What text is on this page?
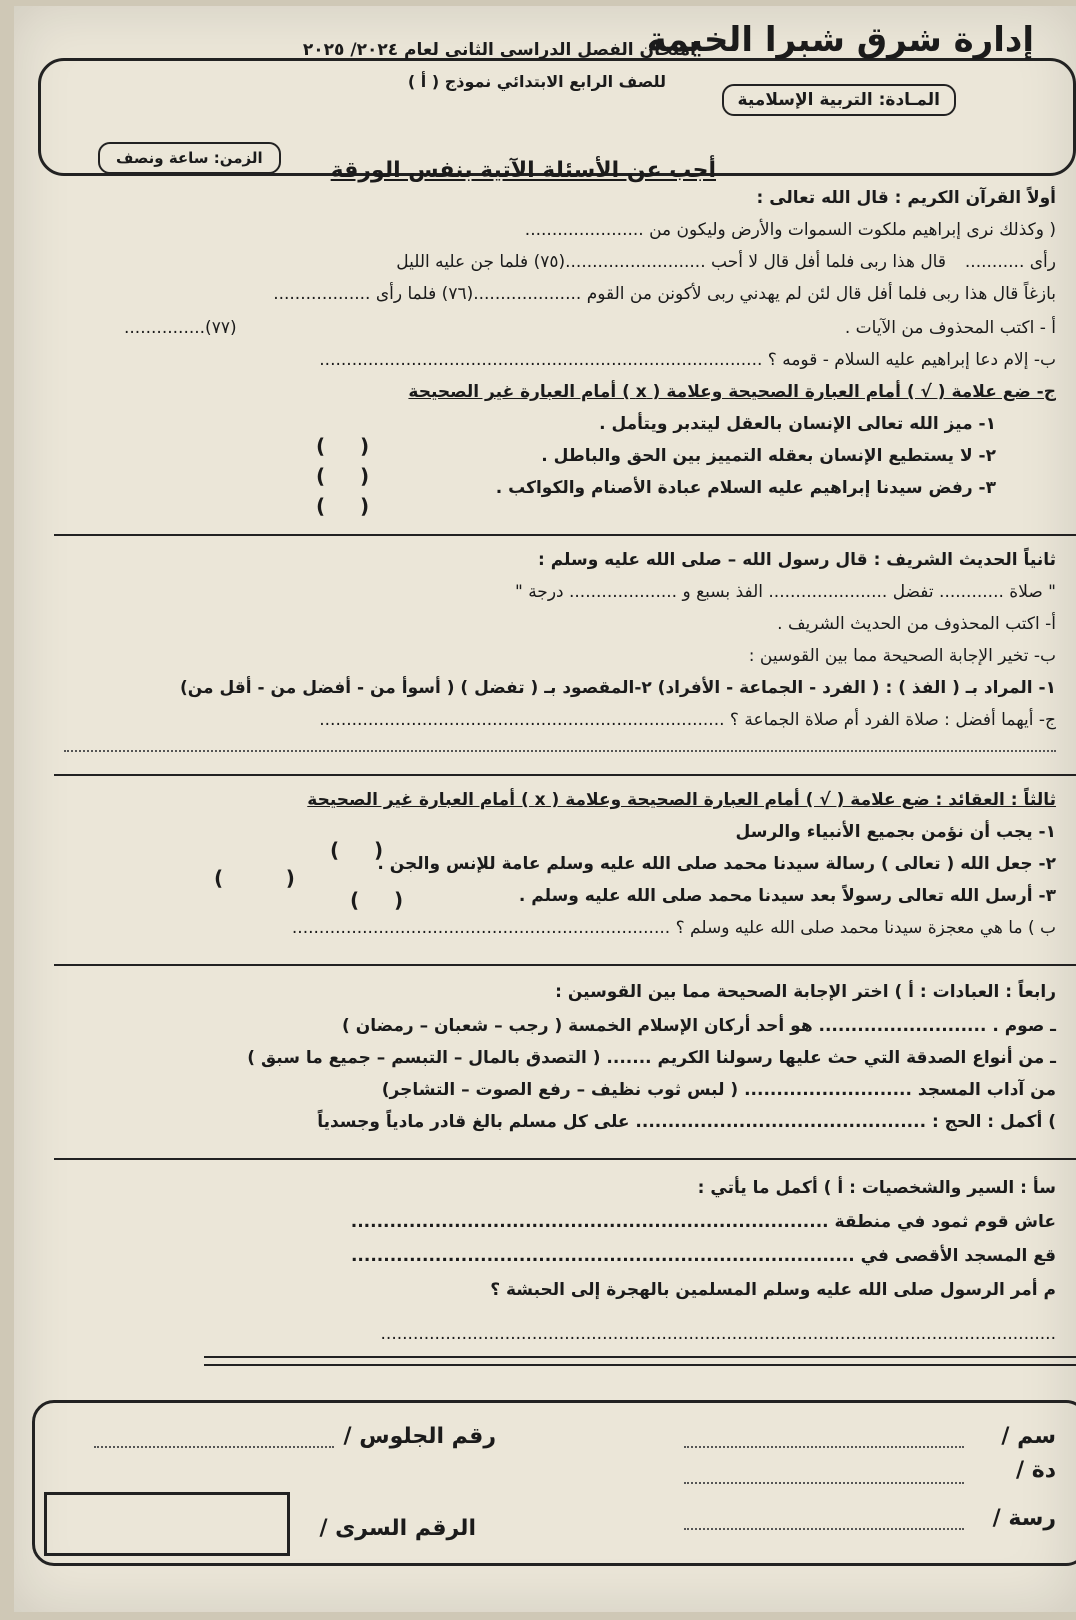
إدارة شرق شبرا الخيمة
المـادة: التربية الإسلامية
امتحان الفصل الدراسي الثاني لعام ٢٠٢٤/ ٢٠٢٥
للصف الرابع الابتدائي نموذج ( أ )
الزمن: ساعة ونصف	أجب عن الأسئلة الآتية بنفس الورقة
أولاً القرآن الكريم : قال الله تعالى :
( وكذلك نرى إبراهيم ملكوت السموات والأرض وليكون من ......................
رأى ...........
قال هذا ربى فلما أفل قال لا أحب ..........................(٧٥) فلما جن عليه الليل
بازغاً قال هذا ربى فلما أفل قال لئن لم يهدني ربى لأكونن من القوم ....................(٧٦) فلما رأى ..................
أ - اكتب المحذوف من الآيات .
(٧٧)...............
ب- إلام دعا إبراهيم عليه السلام - قومه ؟ ..................................................................................
ج- ضع علامة ( √ ) أمام العبارة الصحيحة وعلامة ( x ) أمام العبارة غير الصحيحة
١- ميز الله تعالى الإنسان بالعقل ليتدبر ويتأمل .
٢- لا يستطيع الإنسان بعقله التمييز بين الحق والباطل .
٣- رفض سيدنا إبراهيم عليه السلام عبادة الأصنام والكواكب .
(     )
(     )
(     )
ثانياً الحديث الشريف : قال رسول الله – صلى الله عليه وسلم :
" صلاة ............ تفضل ...................... الفذ بسبع و .................... درجة "
أ- اكتب المحذوف من الحديث الشريف .
ب- تخير الإجابة الصحيحة مما بين القوسين :
١- المراد بـ ( الفذ ) : ( الفرد - الجماعة - الأفراد) ٢-المقصود بـ ( تفضل ) ( أسوأ من - أفضل من - أقل من)
ج- أيهما أفضل : صلاة الفرد أم صلاة الجماعة ؟ ...........................................................................
ثالثاً : العقائد : ضع علامة ( √ ) أمام العبارة الصحيحة وعلامة ( x ) أمام العبارة غير الصحيحة
١- يجب أن نؤمن بجميع الأنبياء والرسل
٢- جعل الله ( تعالى ) رسالة سيدنا محمد صلى الله عليه وسلم عامة للإنس والجن .
٣- أرسل الله تعالى رسولاً بعد سيدنا محمد صلى الله عليه وسلم .
(     )
(         )
(     )
ب ) ما هي معجزة سيدنا محمد صلى الله عليه وسلم ؟ ......................................................................
رابعاً : العبادات : أ ) اختر الإجابة الصحيحة مما بين القوسين :
ـ صوم . .......................... هو أحد أركان الإسلام الخمسة ( رجب – شعبان – رمضان )
ـ من أنواع الصدقة التي حث عليها رسولنا الكريم ....... ( التصدق بالمال – التبسم – جميع ما سبق )
من آداب المسجد .......................... ( لبس ثوب نظيف – رفع الصوت – التشاجر)
) أكمل : الحج : ............................................. على كل مسلم بالغ قادر مادياً وجسدياً
سأ : السير والشخصيات : أ ) أكمل ما يأتي :
عاش قوم ثمود في منطقة ..........................................................................
قع المسجد الأقصى في ..............................................................................
م أمر الرسول صلى الله عليه وسلم المسلمين بالهجرة إلى الحبشة ؟
.............................................................................................................................
سم /
دة /
رسة /
رقم الجلوس /
الرقم السرى /
